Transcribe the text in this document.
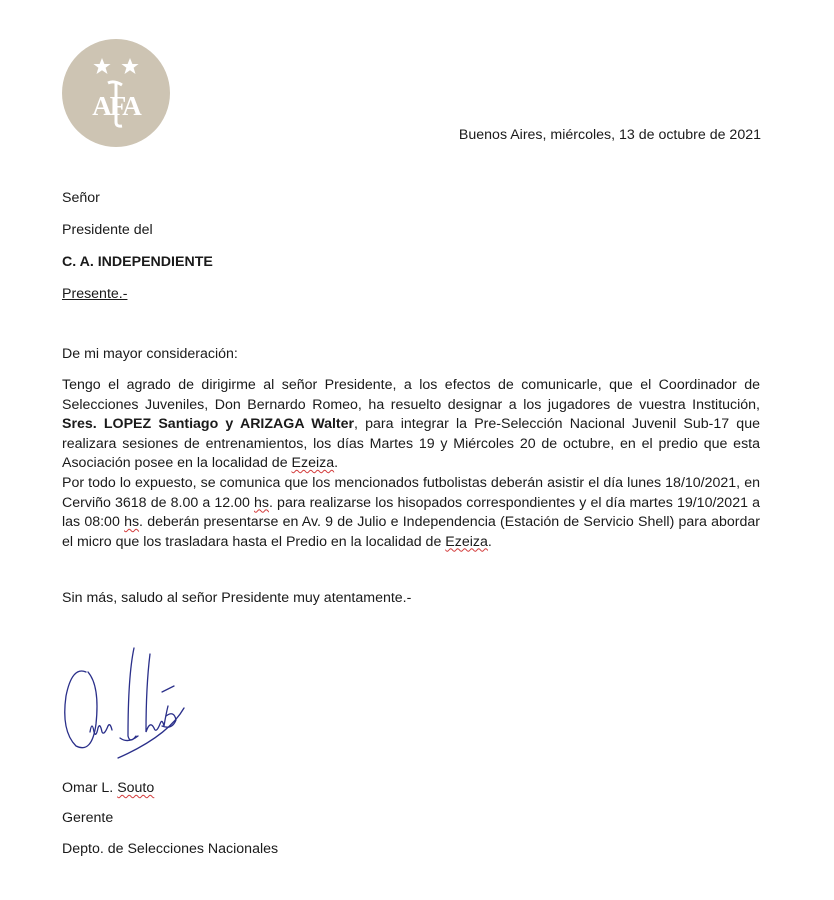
AFA
Buenos Aires, miércoles, 13 de octubre de 2021
Señor
Presidente del
C. A. INDEPENDIENTE
Presente.-
De mi mayor consideración:
Tengo el agrado de dirigirme al señor Presidente, a los efectos de comunicarle, que el Coordinador de Selecciones Juveniles, Don Bernardo Romeo, ha resuelto designar a los jugadores de vuestra Institución, Sres. LOPEZ Santiago y ARIZAGA Walter, para integrar la Pre-Selección Nacional Juvenil Sub-17 que realizara sesiones de entrenamientos, los días Martes 19 y Miércoles 20 de octubre, en el predio que esta Asociación posee en la localidad de Ezeiza.
Por todo lo expuesto, se comunica que los mencionados futbolistas deberán asistir el día lunes 18/10/2021, en Cerviño 3618 de 8.00 a 12.00 hs. para realizarse los hisopados correspondientes y el día martes 19/10/2021 a las 08:00 hs. deberán presentarse en Av. 9 de Julio e Independencia (Estación de Servicio Shell) para abordar el micro que los trasladara hasta el Predio en la localidad de Ezeiza.
Sin más, saludo al señor Presidente muy atentamente.-
Omar L. Souto
Gerente
Depto. de Selecciones Nacionales
